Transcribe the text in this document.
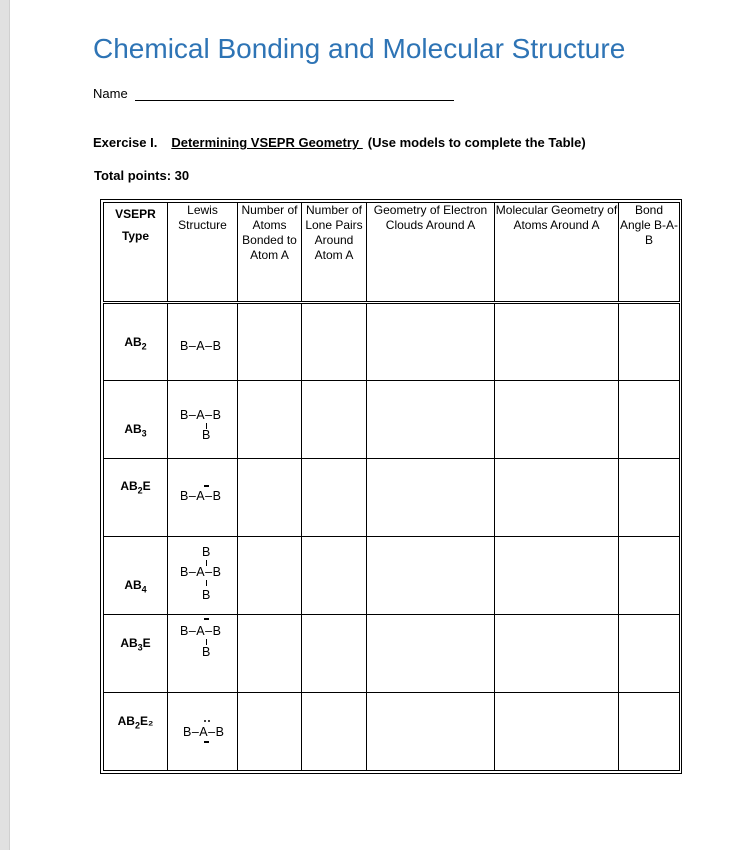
Chemical Bonding and Molecular Structure
Name
Exercise I. Determining VSEPR Geometry (Use models to complete the Table)
Total points: 30
VSEPR Type	Lewis Structure	Number of Atoms Bonded to Atom A	Number of Lone Pairs Around Atom A	Geometry of Electron Clouds Around A	Molecular Geometry of Atoms Around A	Bond Angle B-A-B

$AB_2$	B–A–B					

$AB_3$	B–A–B
B					

$AB_2E$	B–A–B					

$AB_4$	B
B–A–B
B					

$AB_3E$	B–A–B
B					

$AB_2E_2$	B–A–B					
